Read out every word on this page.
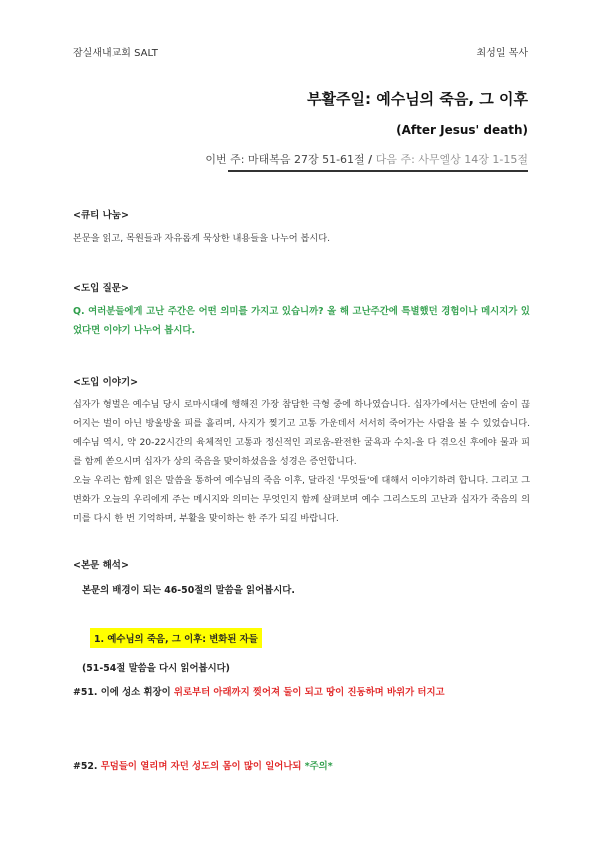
잠실새내교회 SALT	최성일 목사
부활주일: 예수님의 죽음, 그 이후
(After Jesus' death)
이번 주: 마태복음 27장 51-61절 / 다음 주: 사무엘상 14장 1-15절
<큐티 나눔>

본문을 읽고, 목원들과 자유롭게 묵상한 내용들을 나누어 봅시다.

<도입 질문>

Q. 여러분들에게 고난 주간은 어떤 의미를 가지고 있습니까? 올 해 고난주간에 특별했던 경험이나 메시지가 있었다면 이야기 나누어 봅시다.

<도입 이야기>

십자가 형벌은 예수님 당시 로마시대에 행해진 가장 참담한 극형 중에 하나였습니다. 십자가에서는 단번에 숨이 끊어지는 벌이 아닌 방울방울 피를 흘리며, 사지가 찢기고 고통 가운데서 서서히 죽어가는 사람을 볼 수 있었습니다. 예수님 역시, 약 20-22시간의 육체적인 고통과 정신적인 괴로움-완전한 굴욕과 수치-을 다 겪으신 후에야 물과 피를 함께 쏟으시며 십자가 상의 죽음을 맞이하셨음을 성경은 증언합니다.

오늘 우리는 함께 읽은 말씀을 통하여 예수님의 죽음 이후, 달라진 '무엇들'에 대해서 이야기하려 합니다. 그리고 그 변화가 오늘의 우리에게 주는 메시지와 의미는 무엇인지 함께 살펴보며 예수 그리스도의 고난과 십자가 죽음의 의미를 다시 한 번 기억하며, 부활을 맞이하는 한 주가 되길 바랍니다.

<본문 해석>
본문의 배경이 되는 46-50절의 말씀을 읽어봅시다.
1. 예수님의 죽음, 그 이후: 변화된 자들
(51-54절 말씀을 다시 읽어봅시다)
#51. 이에 성소 휘장이 위로부터 아래까지 찢어져 둘이 되고 땅이 진동하며 바위가 터지고
#52. 무덤들이 열리며 자던 성도의 몸이 많이 일어나되 *주의*
